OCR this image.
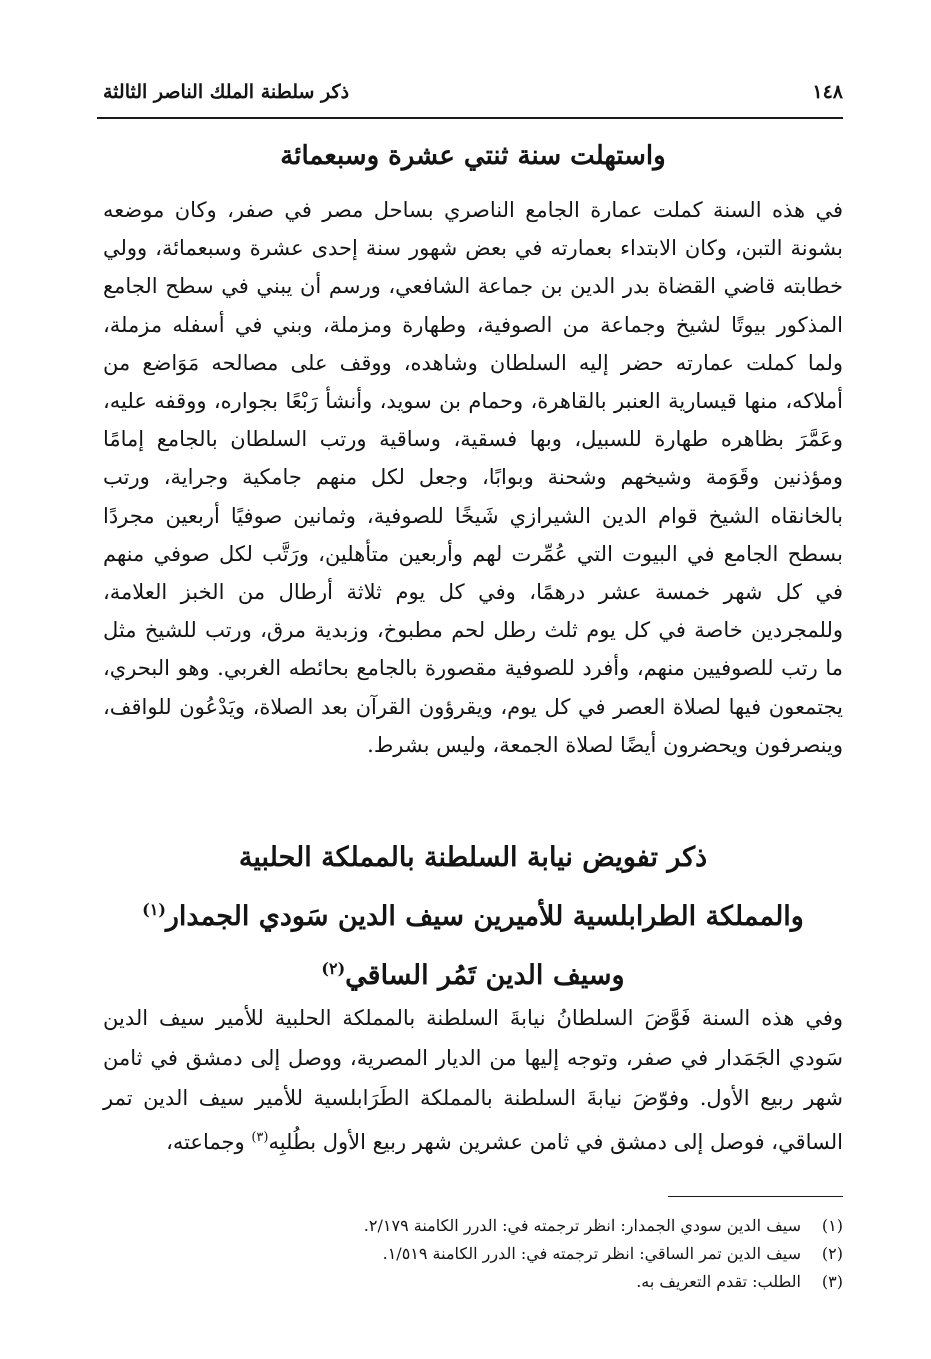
١٤٨
ذكر سلطنة الملك الناصر الثالثة
واستهلت سنة ثنتي عشرة وسبعمائة

في هذه السنة كملت عمارة الجامع الناصري بساحل مصر في صفر، وكان موضعه بشونة التبن، وكان الابتداء بعمارته في بعض شهور سنة إحدى عشرة وسبعمائة، وولي خطابته قاضي القضاة بدر الدين بن جماعة الشافعي، ورسم أن يبني في سطح الجامع المذكور بيوتًا لشيخ وجماعة من الصوفية، وطهارة ومزملة، وبني في أسفله مزملة، ولما كملت عمارته حضر إليه السلطان وشاهده، ووقف على مصالحه مَوَاضع من أملاكه، منها قيسارية العنبر بالقاهرة، وحمام بن سويد، وأنشأ رَبْعًا بجواره، ووقفه عليه، وعَمَّرَ بظاهره طهارة للسبيل، وبها فسقية، وساقية ورتب السلطان بالجامع إمامًا ومؤذنين وقَوَمة وشيخهم وشحنة وبوابًا، وجعل لكل منهم جامكية وجراية، ورتب بالخانقاه الشيخ قوام الدين الشيرازي شَيخًا للصوفية، وثمانين صوفيًا أربعين مجردًا بسطح الجامع في البيوت التي عُمِّرت لهم وأربعين متأهلين، ورَتَّب لكل صوفي منهم في كل شهر خمسة عشر درهمًا، وفي كل يوم ثلاثة أرطال من الخبز العلامة، وللمجردين خاصة في كل يوم ثلث رطل لحم مطبوخ، وزبدية مرق، ورتب للشيخ مثل ما رتب للصوفيين منهم، وأفرد للصوفية مقصورة بالجامع بحائطه الغربي. وهو البحري، يجتمعون فيها لصلاة العصر في كل يوم، ويقرؤون القرآن بعد الصلاة، ويَدْعُون للواقف، وينصرفون ويحضرون أيضًا لصلاة الجمعة، وليس بشرط.

ذكر تفويض نيابة السلطنة بالمملكة الحلبية
والمملكة الطرابلسية للأميرين سيف الدين سَودي الجمدار$^{(١)}$
وسيف الدين تَمُر الساقي$^{(٢)}$

وفي هذه السنة فَوَّضَ السلطانُ نيابةَ السلطنة بالمملكة الحلبية للأمير سيف الدين سَودي الجَمَدار في صفر، وتوجه إليها من الديار المصرية، ووصل إلى دمشق في ثامن شهر ربيع الأول. وفوّضَ نيابةَ السلطنة بالمملكة الطَرَابلسية للأمير سيف الدين تمر الساقي، فوصل إلى دمشق في ثامن عشرين شهر ربيع الأول بطُلبِه$^{(٣)}$ وجماعته،

(١)
سيف الدين سودي الجمدار: انظر ترجمته في: الدرر الكامنة ٢/١٧٩.
(٢)
سيف الدين تمر الساقي: انظر ترجمته في: الدرر الكامنة ١/٥١٩.
(٣)
الطلب: تقدم التعريف به.
